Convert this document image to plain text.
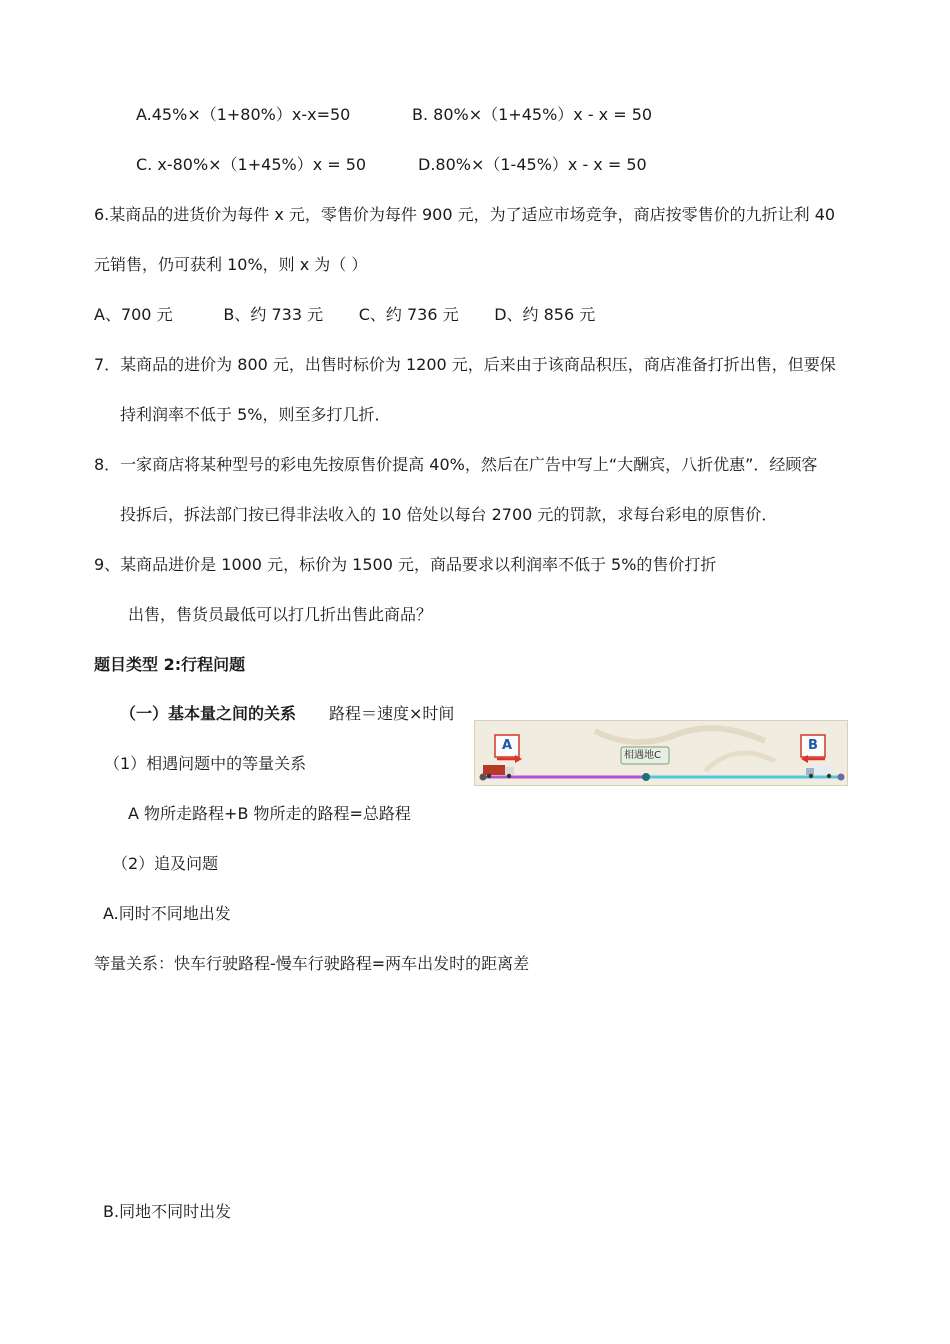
A.45%×（1+80%）x-x=50	B. 80%×（1+45%）x - x = 50
C. x-80%×（1+45%）x = 50	D.80%×（1-45%）x - x = 50
6.某商品的进货价为每件 x 元，零售价为每件 900 元，为了适应市场竞争，商店按零售价的九折让利 40
元销售，仍可获利 10%，则 x 为（ ）
A、700 元          B、约 733 元       C、约 736 元       D、约 856 元
7．某商品的进价为 800 元，出售时标价为 1200 元，后来由于该商品积压，商店准备打折出售，但要保
持利润率不低于 5%，则至多打几折．
8．一家商店将某种型号的彩电先按原售价提高 40%，然后在广告中写上“大酬宾，八折优惠”．经顾客
投拆后，拆法部门按已得非法收入的 10 倍处以每台 2700 元的罚款，求每台彩电的原售价．
9、某商品进价是 1000 元，标价为 1500 元，商品要求以利润率不低于 5%的售价打折
出售，售货员最低可以打几折出售此商品？
题目类型 2:行程问题
（一）基本量之间的关系 路程＝速度×时间
（1）相遇问题中的等量关系
A 物所走路程+B 物所走的路程=总路程
（2）追及问题
A.同时不同地出发
等量关系：快车行驶路程-慢车行驶路程=两车出发时的距离差
B.同地不同时出发
A	B
相遇地C
